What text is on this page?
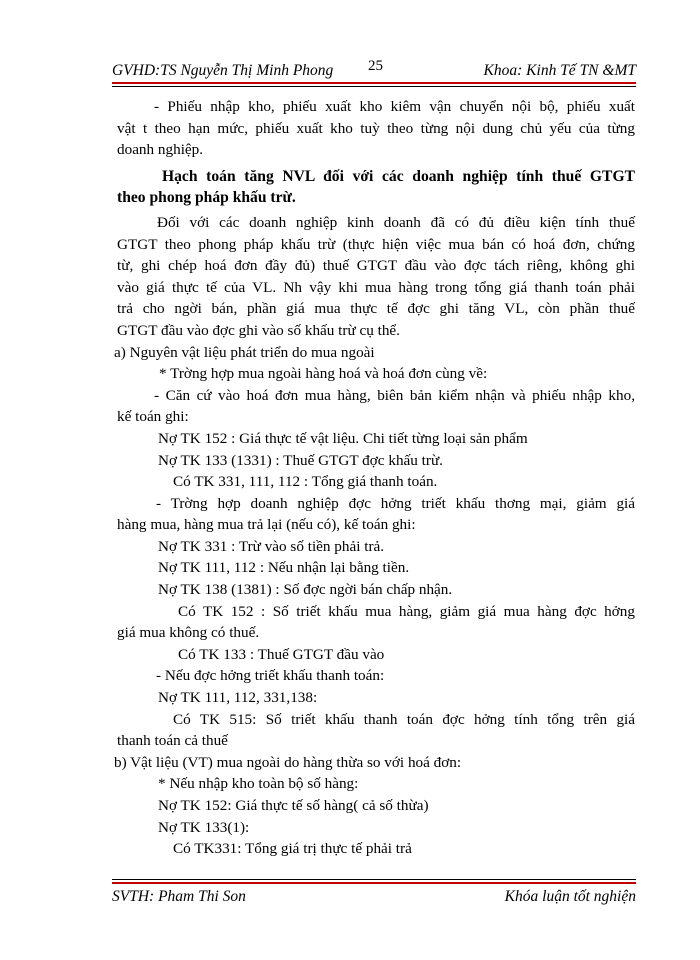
GVHD:TS Nguyễn Thị Minh Phong 25	Khoa: Kinh Tế TN &MT
- Phiếu nhập kho, phiếu xuất kho kiêm vận chuyển nội bộ, phiếu xuất
vật t theo hạn mức, phiếu xuất kho tuỳ theo từng nội dung chủ yếu của từng
doanh nghiệp.
Hạch toán tăng NVL đối với các doanh nghiệp tính thuế GTGT
theo phong pháp khấu trừ.
Đối với các doanh nghiệp kinh doanh đã có đủ điều kiện tính thuế
GTGT theo phong pháp khấu trừ (thực hiện việc mua bán có hoá đơn, chứng
từ, ghi chép hoá đơn đầy đủ) thuế GTGT đầu vào đợc tách riêng, không ghi
vào giá thực tế của VL. Nh vậy khi mua hàng trong tổng giá thanh toán phải
trả cho ngời bán, phần giá mua thực tế đợc ghi tăng VL, còn phần thuế
GTGT đầu vào đợc ghi vào số khấu trừ cụ thể.
a) Nguyên vật liệu phát triển do mua ngoài
* Trờng hợp mua ngoài hàng hoá và hoá đơn cùng về:
- Căn cứ vào hoá đơn mua hàng, biên bản kiểm nhận và phiếu nhập kho,
kế toán ghi:
Nợ TK 152 : Giá thực tế vật liệu. Chi tiết từng loại sản phẩm
Nợ TK 133 (1331) : Thuế GTGT đợc khấu trừ.
Có TK 331, 111, 112 : Tổng giá thanh toán.
- Trờng hợp doanh nghiệp đợc hởng triết khấu thơng mại, giảm giá
hàng mua, hàng mua trả lại (nếu có), kế toán ghi:
Nợ TK 331 : Trừ vào số tiền phải trả.
Nợ TK 111, 112 : Nếu nhận lại bằng tiền.
Nợ TK 138 (1381) : Số đợc ngời bán chấp nhận.
Có TK 152 : Số triết khấu mua hàng, giảm giá mua hàng đợc hởng
giá mua không có thuế.
Có TK 133 : Thuế GTGT đầu vào
- Nếu đợc hởng triết khấu thanh toán:
Nợ TK 111, 112, 331,138:
Có TK 515: Số triết khấu thanh toán đợc hởng tính tổng trên giá
thanh toán cả thuế
b) Vật liệu (VT) mua ngoài do hàng thừa so với hoá đơn:
* Nếu nhập kho toàn bộ số hàng:
Nợ TK 152: Giá thực tế số hàng( cả số thừa)
Nợ TK 133(1):
Có TK331: Tổng giá trị thực tế phải trả
SVTH: Pham Thi Son	Khóa luận tốt nghiện
